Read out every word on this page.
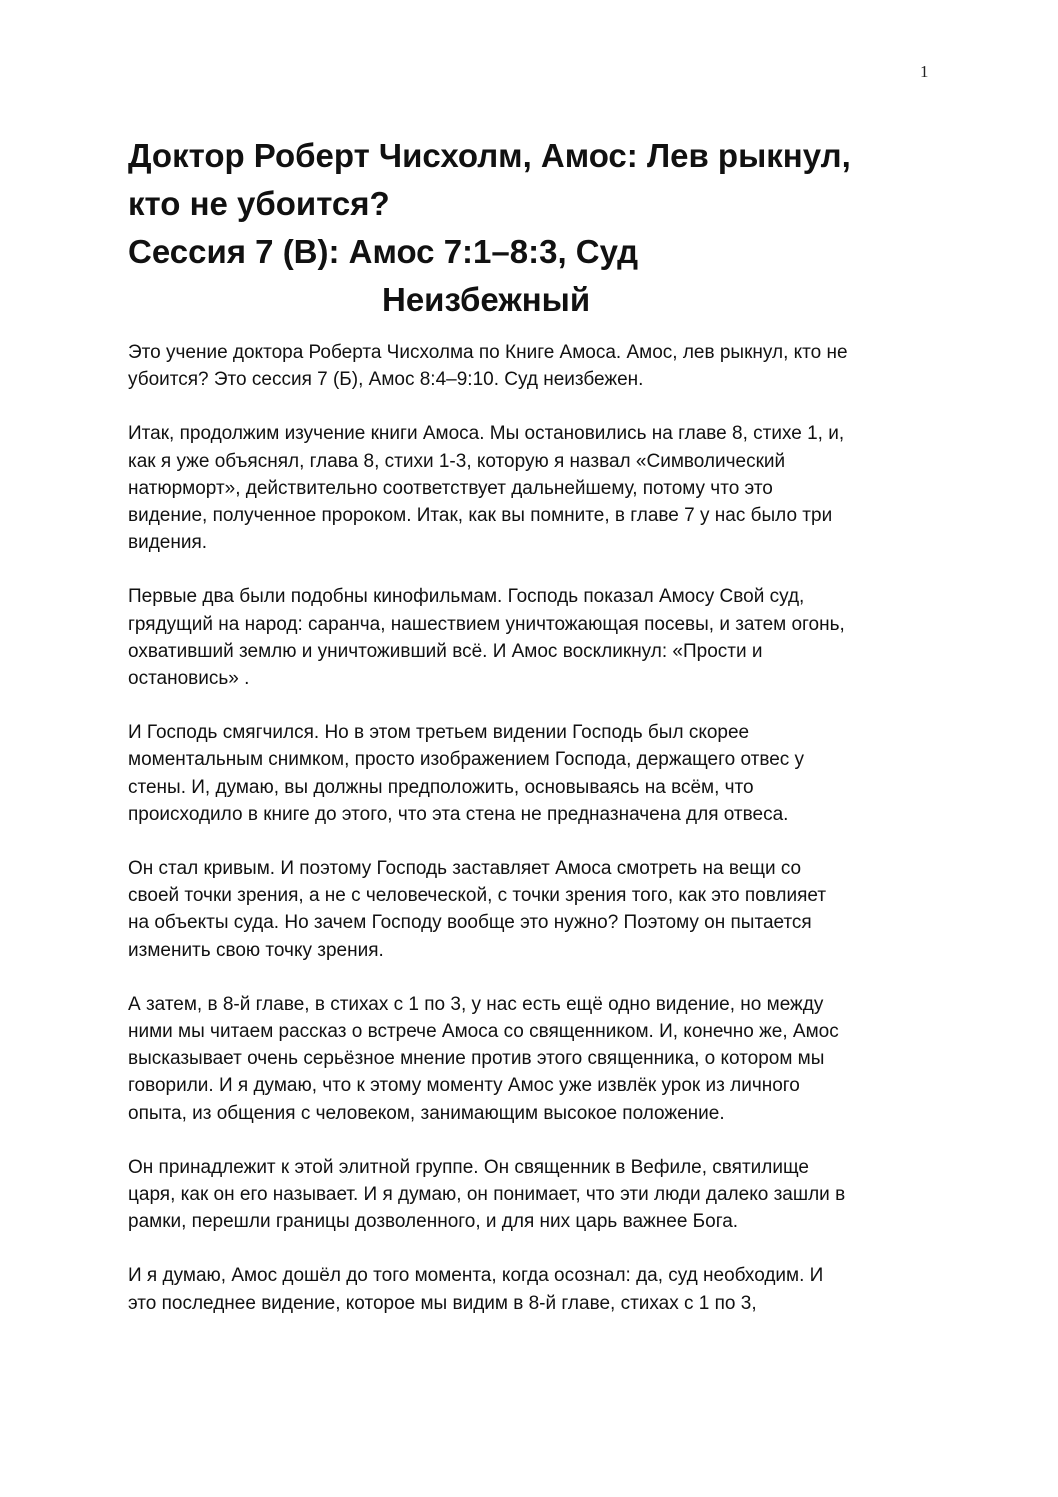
1
Доктор Роберт Чисхолм, Амос: Лев рыкнул,
кто не убоится?
Сессия 7 (В): Амос 7:1–8:3, Суд
Неизбежный

Это учение доктора Роберта Чисхолма по Книге Амоса. Амос, лев рыкнул, кто не
убоится? Это сессия 7 (Б), Амос 8:4–9:10. Суд неизбежен.

Итак, продолжим изучение книги Амоса. Мы остановились на главе 8, стихе 1, и,
как я уже объяснял, глава 8, стихи 1-3, которую я назвал «Символический
натюрморт», действительно соответствует дальнейшему, потому что это
видение, полученное пророком. Итак, как вы помните, в главе 7 у нас было три
видения.

Первые два были подобны кинофильмам. Господь показал Амосу Свой суд,
грядущий на народ: саранча, нашествием уничтожающая посевы, и затем огонь,
охвативший землю и уничтоживший всё. И Амос воскликнул: «Прости и
остановись» .

И Господь смягчился. Но в этом третьем видении Господь был скорее
моментальным снимком, просто изображением Господа, держащего отвес у
стены. И, думаю, вы должны предположить, основываясь на всём, что
происходило в книге до этого, что эта стена не предназначена для отвеса.

Он стал кривым. И поэтому Господь заставляет Амоса смотреть на вещи со
своей точки зрения, а не с человеческой, с точки зрения того, как это повлияет
на объекты суда. Но зачем Господу вообще это нужно? Поэтому он пытается
изменить свою точку зрения.

А затем, в 8-й главе, в стихах с 1 по 3, у нас есть ещё одно видение, но между
ними мы читаем рассказ о встрече Амоса со священником. И, конечно же, Амос
высказывает очень серьёзное мнение против этого священника, о котором мы
говорили. И я думаю, что к этому моменту Амос уже извлёк урок из личного
опыта, из общения с человеком, занимающим высокое положение.

Он принадлежит к этой элитной группе. Он священник в Вефиле, святилище
царя, как он его называет. И я думаю, он понимает, что эти люди далеко зашли в
рамки, перешли границы дозволенного, и для них царь важнее Бога.

И я думаю, Амос дошёл до того момента, когда осознал: да, суд необходим. И
это последнее видение, которое мы видим в 8-й главе, стихах с 1 по 3,
